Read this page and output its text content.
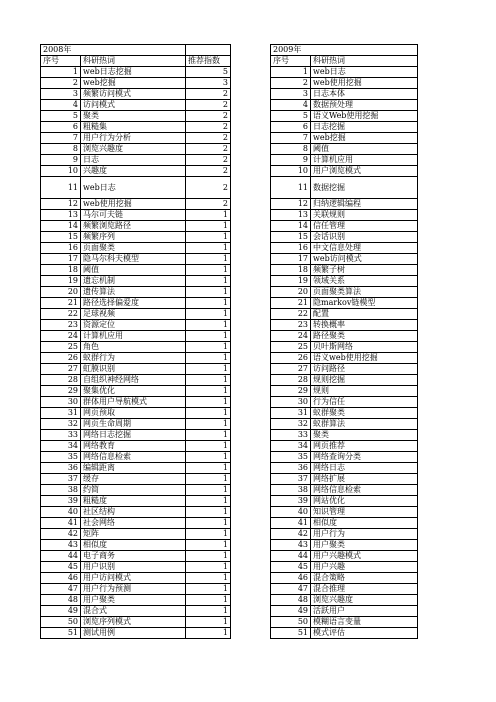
2008年				2009年	
序号	科研热词	推荐指数		序号	科研热词
1	web日志挖掘	5		1	web日志
2	web挖掘	3		2	web使用挖掘
3	频繁访问模式	2		3	日志本体
4	访问模式	2		4	数据预处理
5	聚类	2		5	语义Web使用挖掘
6	粗糙集	2		6	日志挖掘
7	用户行为分析	2		7	web挖掘
8	浏览兴趣度	2		8	阈值
9	日志	2		9	计算机应用
10	兴趣度	2		10	用户浏览模式
11	web日志	2		11	数据挖掘
12	web使用挖掘	2		12	归纳逻辑编程
13	马尔可夫链	1		13	关联规则
14	频繁浏览路径	1		14	信任管理
15	频繁序列	1		15	会话识别
16	页面聚类	1		16	中文信息处理
17	隐马尔科夫模型	1		17	web访问模式
18	阈值	1		18	频繁子树
19	遗忘机制	1		19	领域关系
20	遗传算法	1		20	页面聚类算法
21	路径选择偏爱度	1		21	隐markov链模型
22	足球视频	1		22	配置
23	资源定位	1		23	转换概率
24	计算机应用	1		24	路径聚类
25	角色	1		25	贝叶斯网络
26	蚁群行为	1		26	语义web使用挖掘
27	虹膜识别	1		27	访问路径
28	自组织神经网络	1		28	规则挖掘
29	聚集优化	1		29	规则
30	群体用户导航模式	1		30	行为信任
31	网页预取	1		31	蚁群聚类
32	网页生命周期	1		32	蚁群算法
33	网络日志挖掘	1		33	聚类
34	网络教育	1		34	网页推荐
35	网络信息检索	1		35	网络查询分类
36	编辑距离	1		36	网络日志
37	缓存	1		37	网络扩展
38	约简	1		38	网络信息检索
39	粗糙度	1		39	网站优化
40	社区结构	1		40	知识管理
41	社会网络	1		41	相似度
42	矩阵	1		42	用户行为
43	相似度	1		43	用户聚类
44	电子商务	1		44	用户兴趣模式
45	用户识别	1		45	用户兴趣
46	用户访问模式	1		46	混合策略
47	用户行为预测	1		47	混合推理
48	用户聚类	1		48	浏览兴趣度
49	混合式	1		49	活跃用户
50	浏览序列模式	1		50	模糊语言变量
51	测试用例	1		51	模式评估
